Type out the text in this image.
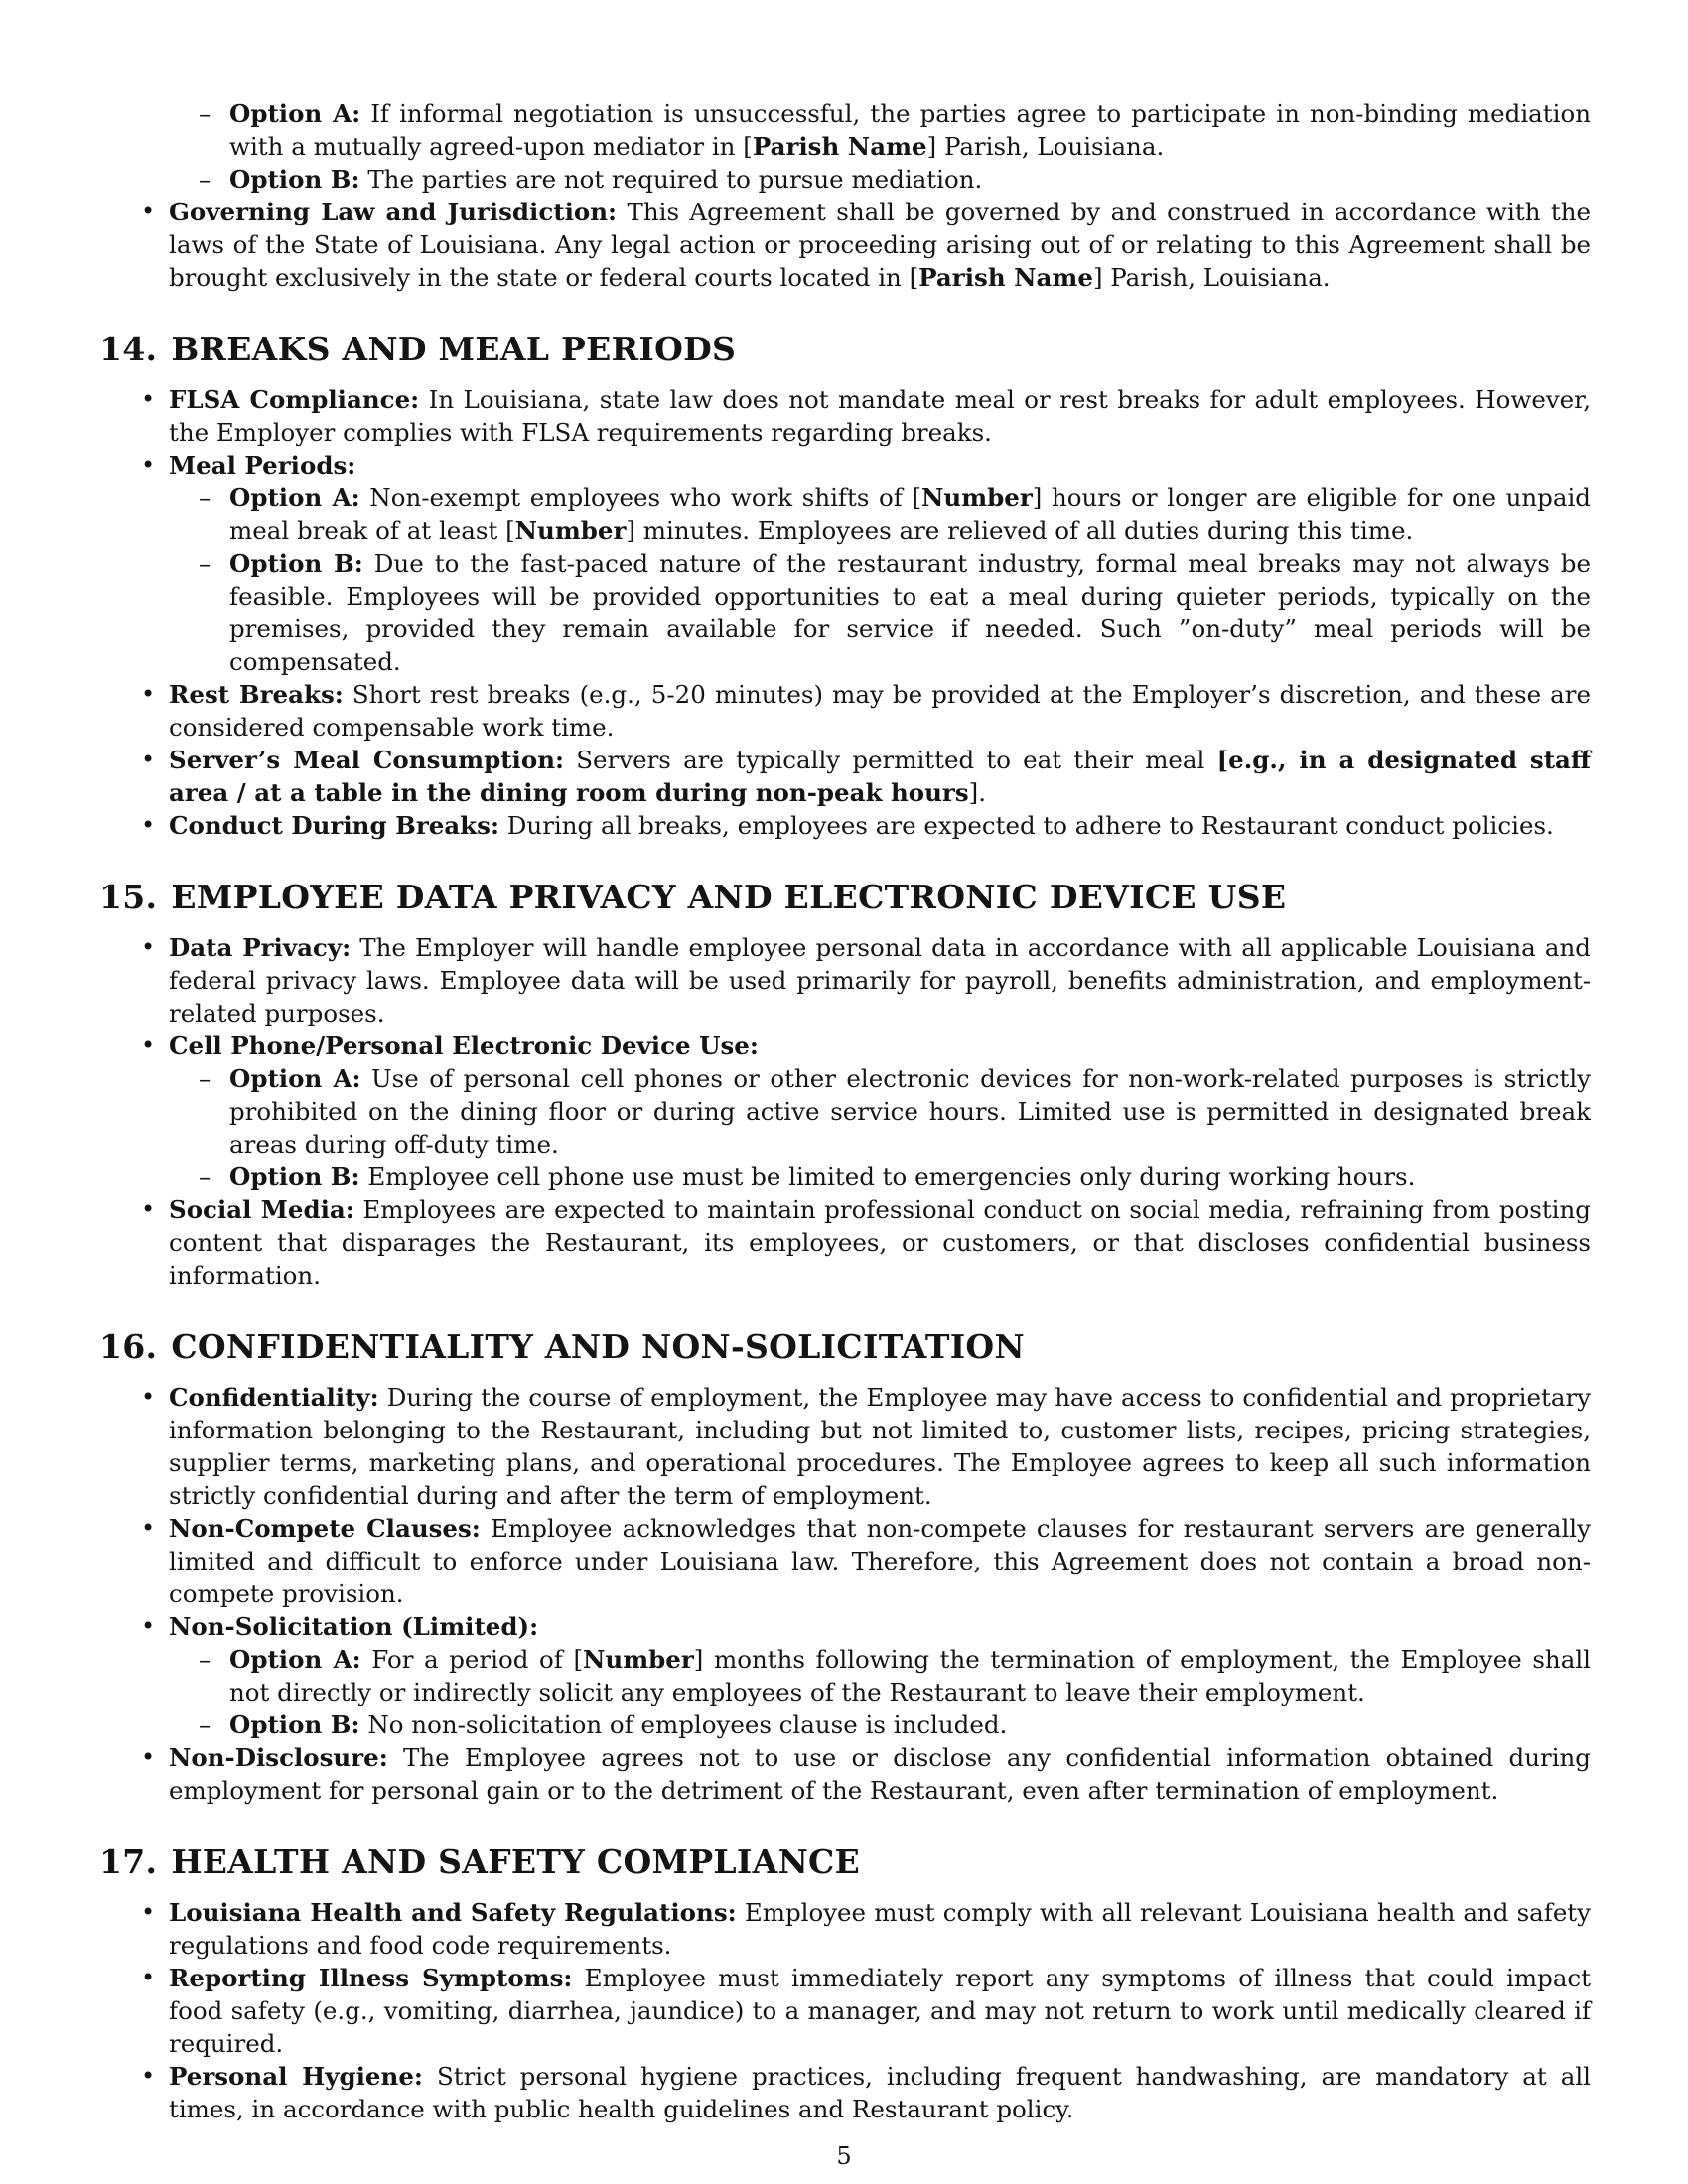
– Option A: If informal negotiation is unsuccessful, the parties agree to participate in non-binding mediation with a mutually agreed-upon mediator in [Parish Name] Parish, Louisiana.
– Option B: The parties are not required to pursue mediation.
• Governing Law and Jurisdiction: This Agreement shall be governed by and construed in accordance with the laws of the State of Louisiana. Any legal action or proceeding arising out of or relating to this Agreement shall be brought exclusively in the state or federal courts located in [Parish Name] Parish, Louisiana.
14. BREAKS AND MEAL PERIODS
• FLSA Compliance: In Louisiana, state law does not mandate meal or rest breaks for adult employees. However, the Employer complies with FLSA requirements regarding breaks.
• Meal Periods:
– Option A: Non-exempt employees who work shifts of [Number] hours or longer are eligible for one unpaid meal break of at least [Number] minutes. Employees are relieved of all duties during this time.
– Option B: Due to the fast-paced nature of the restaurant industry, formal meal breaks may not always be feasible. Employees will be provided opportunities to eat a meal during quieter periods, typically on the premises, provided they remain available for service if needed. Such ”on-duty” meal periods will be compensated.
• Rest Breaks: Short rest breaks (e.g., 5-20 minutes) may be provided at the Employer’s discretion, and these are considered compensable work time.
• Server’s Meal Consumption: Servers are typically permitted to eat their meal [e.g., in a designated staff area / at a table in the dining room during non-peak hours].
• Conduct During Breaks: During all breaks, employees are expected to adhere to Restaurant conduct policies.
15. EMPLOYEE DATA PRIVACY AND ELECTRONIC DEVICE USE
• Data Privacy: The Employer will handle employee personal data in accordance with all applicable Louisiana and federal privacy laws. Employee data will be used primarily for payroll, benefits administration, and employment-related purposes.
• Cell Phone/Personal Electronic Device Use:
– Option A: Use of personal cell phones or other electronic devices for non-work-related purposes is strictly prohibited on the dining floor or during active service hours. Limited use is permitted in designated break areas during off-duty time.
– Option B: Employee cell phone use must be limited to emergencies only during working hours.
• Social Media: Employees are expected to maintain professional conduct on social media, refraining from posting content that disparages the Restaurant, its employees, or customers, or that discloses confidential business information.
16. CONFIDENTIALITY AND NON-SOLICITATION
• Confidentiality: During the course of employment, the Employee may have access to confidential and proprietary information belonging to the Restaurant, including but not limited to, customer lists, recipes, pricing strategies, supplier terms, marketing plans, and operational procedures. The Employee agrees to keep all such information strictly confidential during and after the term of employment.
• Non-Compete Clauses: Employee acknowledges that non-compete clauses for restaurant servers are generally limited and difficult to enforce under Louisiana law. Therefore, this Agreement does not contain a broad non-compete provision.
• Non-Solicitation (Limited):
– Option A: For a period of [Number] months following the termination of employment, the Employee shall not directly or indirectly solicit any employees of the Restaurant to leave their employment.
– Option B: No non-solicitation of employees clause is included.
• Non-Disclosure: The Employee agrees not to use or disclose any confidential information obtained during employment for personal gain or to the detriment of the Restaurant, even after termination of employment.
17. HEALTH AND SAFETY COMPLIANCE
• Louisiana Health and Safety Regulations: Employee must comply with all relevant Louisiana health and safety regulations and food code requirements.
• Reporting Illness Symptoms: Employee must immediately report any symptoms of illness that could impact food safety (e.g., vomiting, diarrhea, jaundice) to a manager, and may not return to work until medically cleared if required.
• Personal Hygiene: Strict personal hygiene practices, including frequent handwashing, are mandatory at all times, in accordance with public health guidelines and Restaurant policy.
5
